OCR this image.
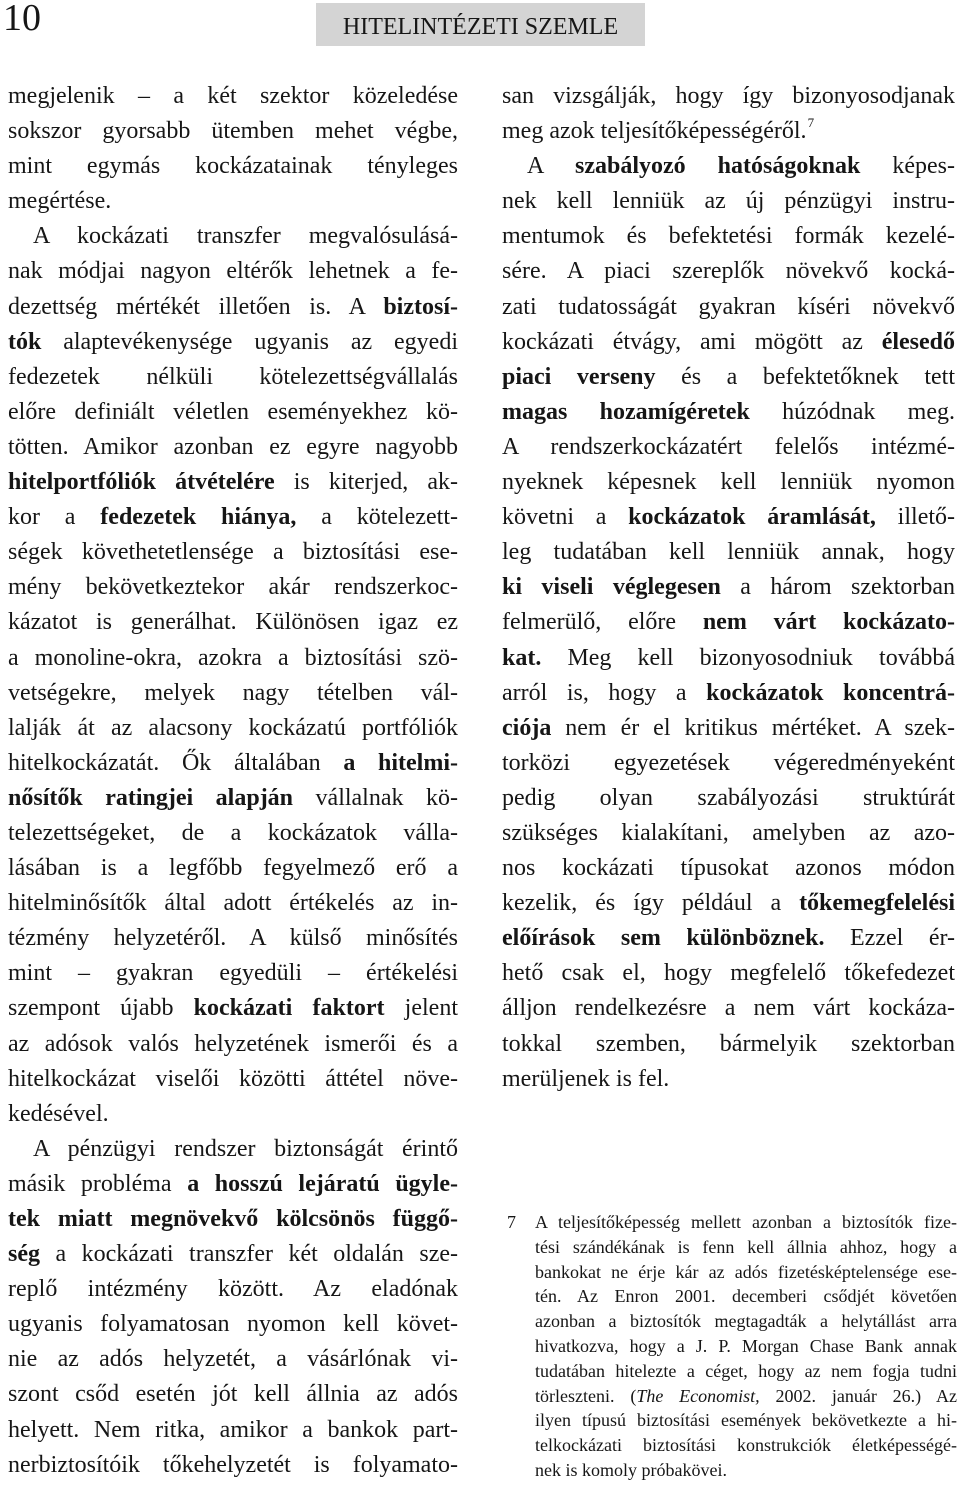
10	HITELINTÉZETI SZEMLE
megjelenik – a két szektor közeledése
sokszor gyorsabb ütemben mehet végbe,
mint egymás kockázatainak tényleges
megértése.
A kockázati transzfer megvalósulásá-
nak módjai nagyon eltérők lehetnek a fe-
dezettség mértékét illetően is. A biztosí-
tók alaptevékenysége ugyanis az egyedi
fedezetek nélküli kötelezettségvállalás
előre definiált véletlen eseményekhez kö-
tötten. Amikor azonban ez egyre nagyobb
hitelportfóliók átvételére is kiterjed, ak-
kor a fedezetek hiánya, a kötelezett-
ségek követhetetlensége a biztosítási ese-
mény bekövetkeztekor akár rendszerkoc-
kázatot is generálhat. Különösen igaz ez
a monoline-okra, azokra a biztosítási szö-
vetségekre, melyek nagy tételben vál-
lalják át az alacsony kockázatú portfóliók
hitelkockázatát. Ők általában a hitelmi-
nősítők ratingjei alapján vállalnak kö-
telezettségeket, de a kockázatok válla-
lásában is a legfőbb fegyelmező erő a
hitelminősítők által adott értékelés az in-
tézmény helyzetéről. A külső minősítés
mint – gyakran egyedüli – értékelési
szempont újabb kockázati faktort jelent
az adósok valós helyzetének ismerői és a
hitelkockázat viselői közötti áttétel növe-
kedésével.
A pénzügyi rendszer biztonságát érintő
másik probléma a hosszú lejáratú ügyle-
tek miatt megnövekvő kölcsönös függő-
ség a kockázati transzfer két oldalán sze-
replő intézmény között. Az eladónak
ugyanis folyamatosan nyomon kell követ-
nie az adós helyzetét, a vásárlónak vi-
szont csőd esetén jót kell állnia az adós
helyett. Nem ritka, amikor a bankok part-
nerbiztosítóik tőkehelyzetét is folyamato-
san vizsgálják, hogy így bizonyosodjanak
meg azok teljesítőképességéről.$^7$
A szabályozó hatóságoknak képes-
nek kell lenniük az új pénzügyi instru-
mentumok és befektetési formák kezelé-
sére. A piaci szereplők növekvő kocká-
zati tudatosságát gyakran kíséri növekvő
kockázati étvágy, ami mögött az élesedő
piaci verseny és a befektetőknek tett
magas hozamígéretek húzódnak meg.
A rendszerkockázatért felelős intézmé-
nyeknek képesnek kell lenniük nyomon
követni a kockázatok áramlását, illető-
leg tudatában kell lenniük annak, hogy
ki viseli véglegesen a három szektorban
felmerülő, előre nem várt kockázato-
kat. Meg kell bizonyosodniuk továbbá
arról is, hogy a kockázatok koncentrá-
ciója nem ér el kritikus mértéket. A szek-
torközi egyezetések végeredményeként
pedig olyan szabályozási struktúrát
szükséges kialakítani, amelyben az azo-
nos kockázati típusokat azonos módon
kezelik, és így például a tőkemegfelelési
előírások sem különböznek. Ezzel ér-
hető csak el, hogy megfelelő tőkefedezet
álljon rendelkezésre a nem várt kockáza-
tokkal szemben, bármelyik szektorban
merüljenek is fel.
7 A teljesítőképesség mellett azonban a biztosítók fize-
tési szándékának is fenn kell állnia ahhoz, hogy a
bankokat ne érje kár az adós fizetésképtelensége ese-
tén. Az Enron 2001. decemberi csődjét követően
azonban a biztosítók megtagadták a helytállást arra
hivatkozva, hogy a J. P. Morgan Chase Bank annak
tudatában hitelezte a céget, hogy az nem fogja tudni
törleszteni. (The Economist, 2002. január 26.) Az
ilyen típusú biztosítási események bekövetkezte a hi-
telkockázati biztosítási konstrukciók életképességé-
nek is komoly próbakövei.
